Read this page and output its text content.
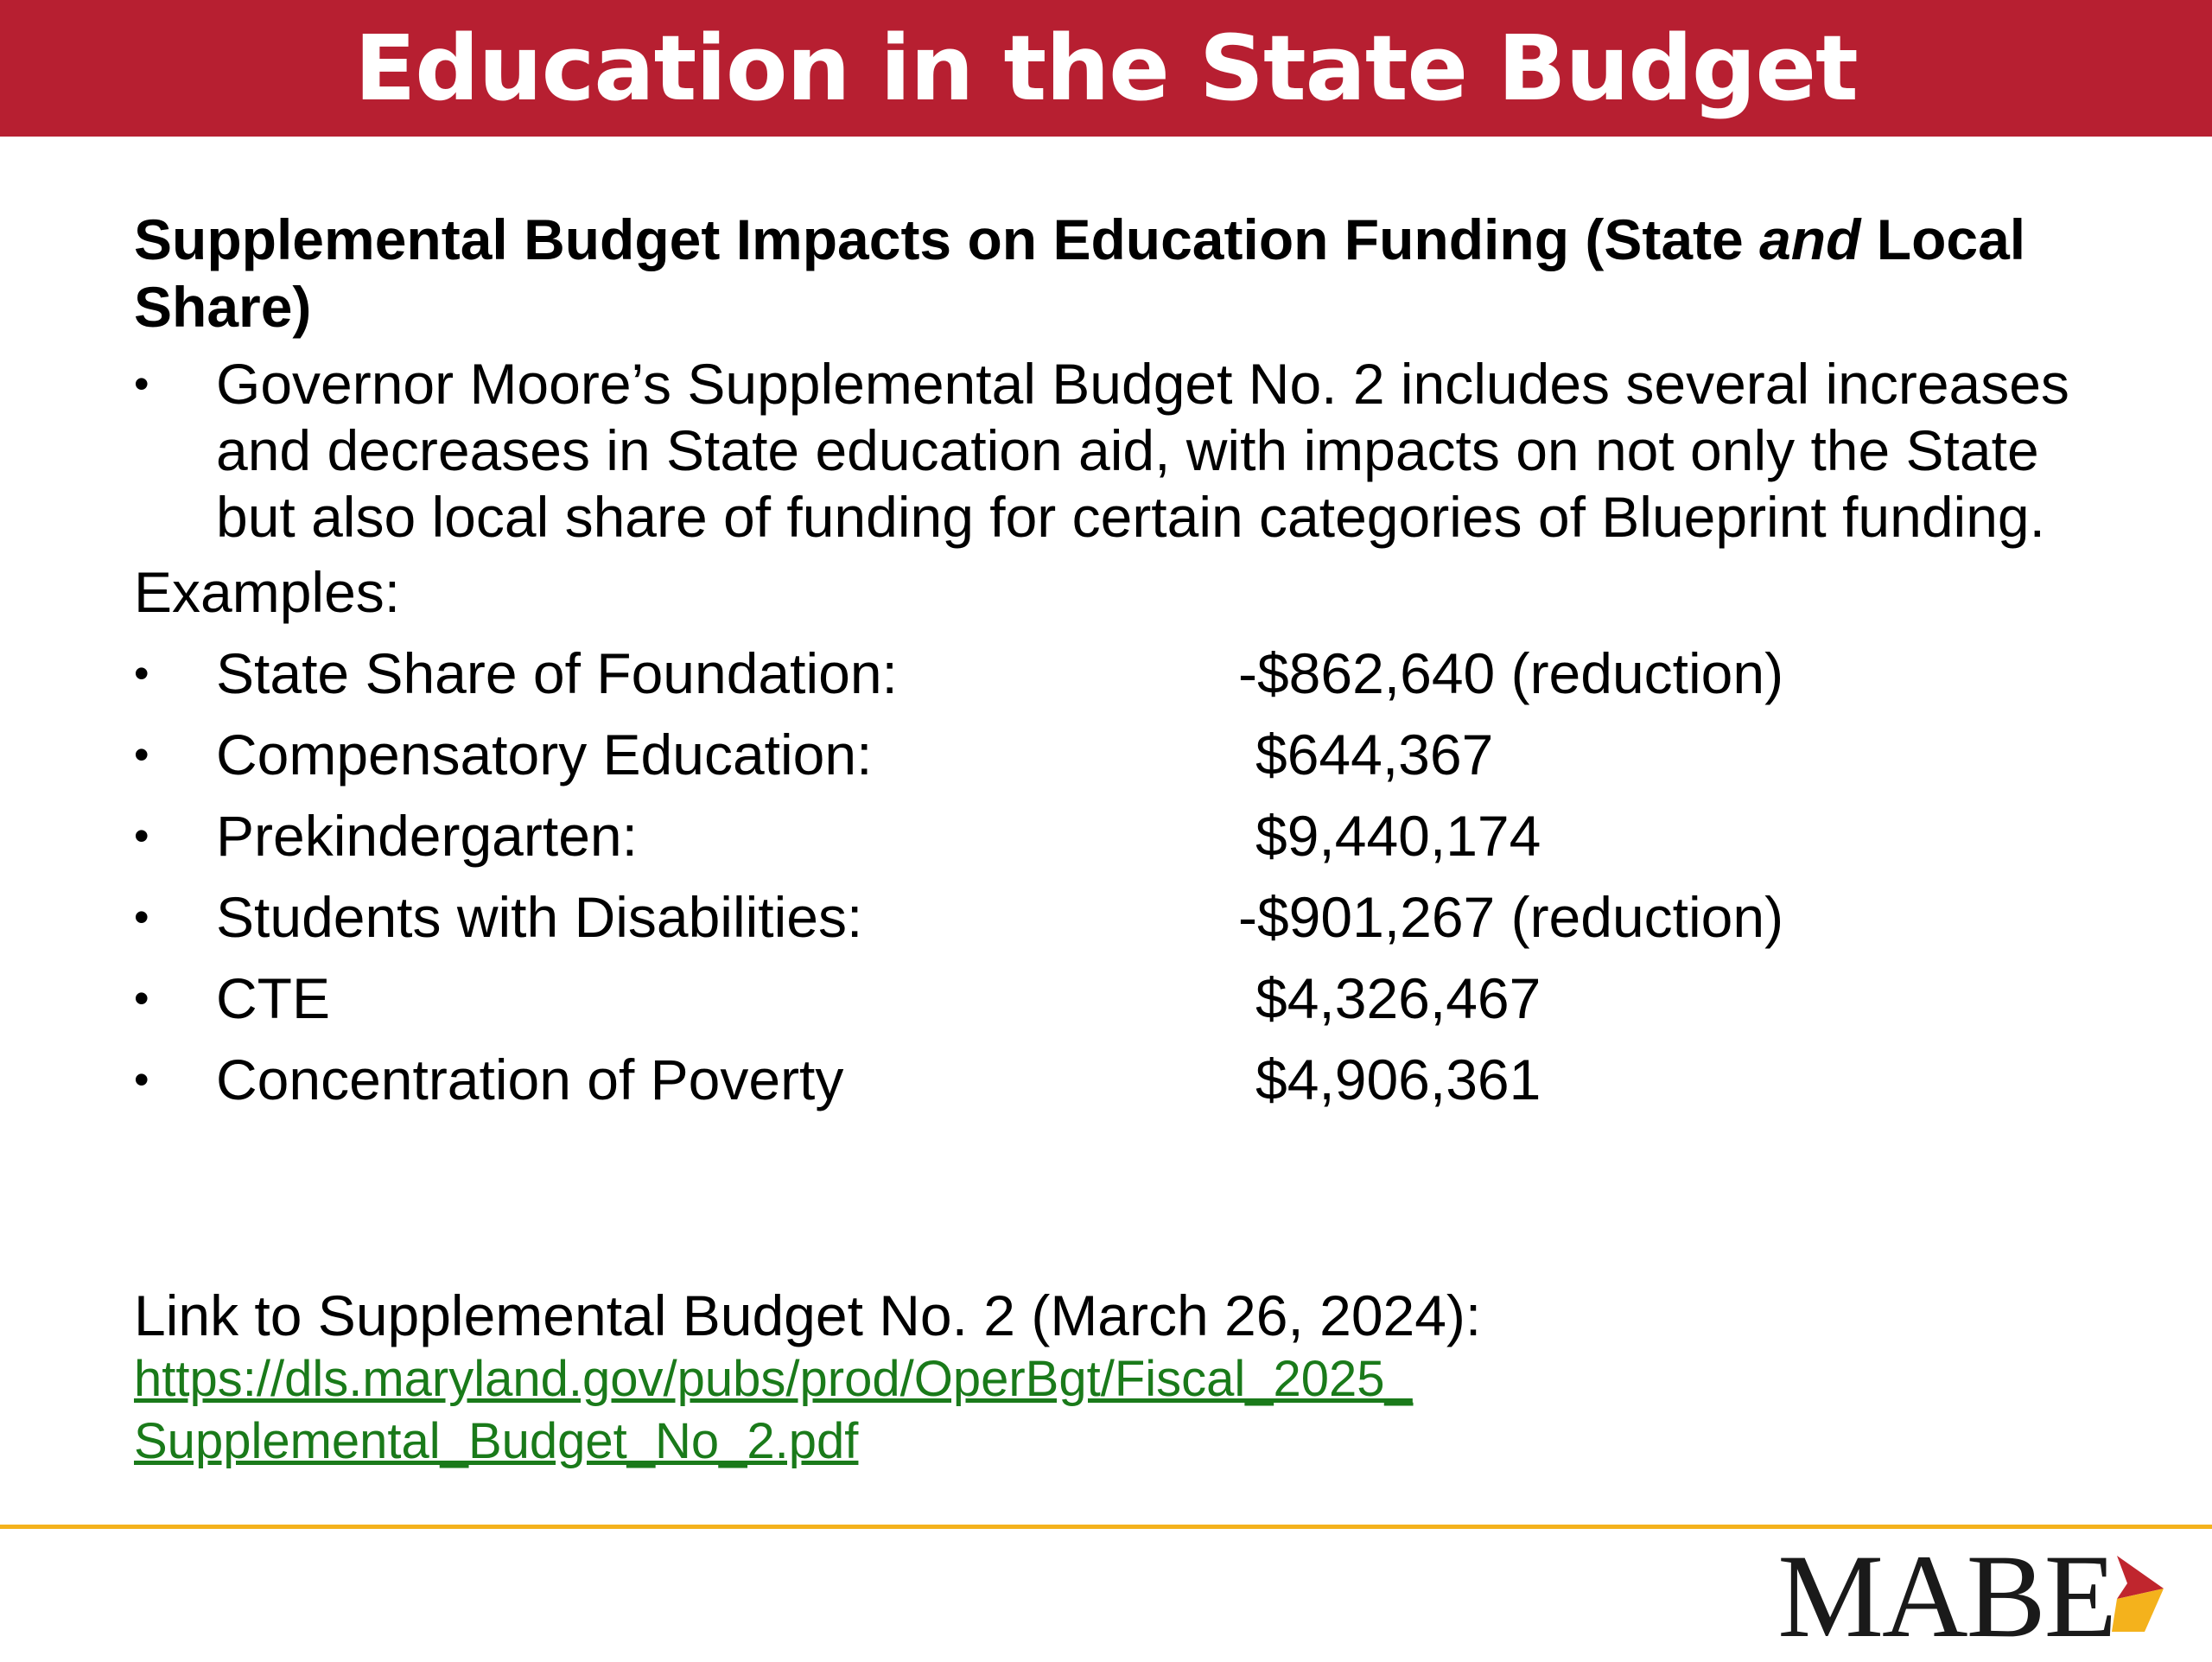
Education in the State Budget

Supplemental Budget Impacts on Education Funding (State and Local Share)

• Governor Moore’s Supplemental Budget No. 2 includes several increases and decreases in State education aid, with impacts on not only the State but also local share of funding for certain categories of Blueprint funding.
Examples:
• State Share of Foundation:	-$862,640 (reduction)
• Compensatory Education:	$644,367
• Prekindergarten:	$9,440,174
• Students with Disabilities:	-$901,267 (reduction)
• CTE	$4,326,467
• Concentration of Poverty	$4,906,361
Link to Supplemental Budget No. 2 (March 26, 2024):
https://dls.maryland.gov/pubs/prod/OperBgt/Fiscal_2025_
Supplemental_Budget_No_2.pdf
MABE
